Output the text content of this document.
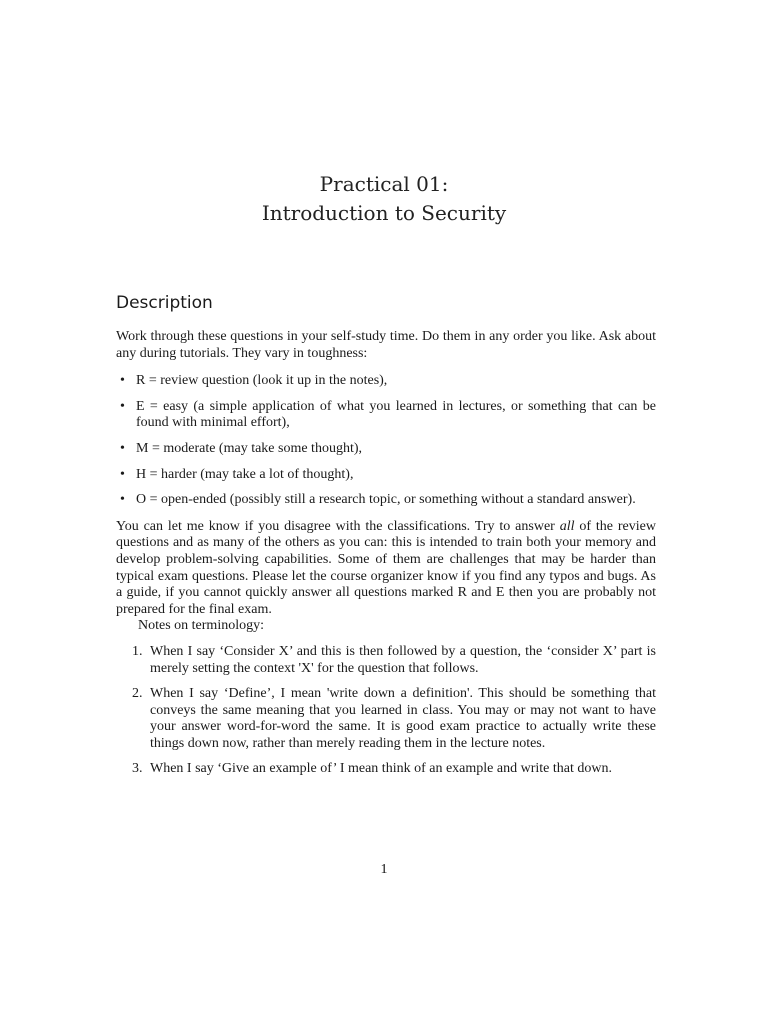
Practical 01:
Introduction to Security
Description

Work through these questions in your self-study time. Do them in any order you like. Ask about any during tutorials. They vary in toughness:

• R = review question (look it up in the notes),
• E = easy (a simple application of what you learned in lectures, or something that can be found with minimal effort),
• M = moderate (may take some thought),
• H = harder (may take a lot of thought),
• O = open-ended (possibly still a research topic, or something without a standard answer).

You can let me know if you disagree with the classifications. Try to answer all of the review questions and as many of the others as you can: this is intended to train both your memory and develop problem-solving capabilities. Some of them are challenges that may be harder than typical exam questions. Please let the course organizer know if you find any typos and bugs. As a guide, if you cannot quickly answer all questions marked R and E then you are probably not prepared for the final exam.

Notes on terminology:

1. When I say ‘Consider X’ and this is then followed by a question, the ‘consider X’ part is merely setting the context 'X' for the question that follows.
2. When I say ‘Define’, I mean 'write down a definition'. This should be something that conveys the same meaning that you learned in class. You may or may not want to have your answer word-for-word the same. It is good exam practice to actually write these things down now, rather than merely reading them in the lecture notes.
3. When I say ‘Give an example of’ I mean think of an example and write that down.
1
